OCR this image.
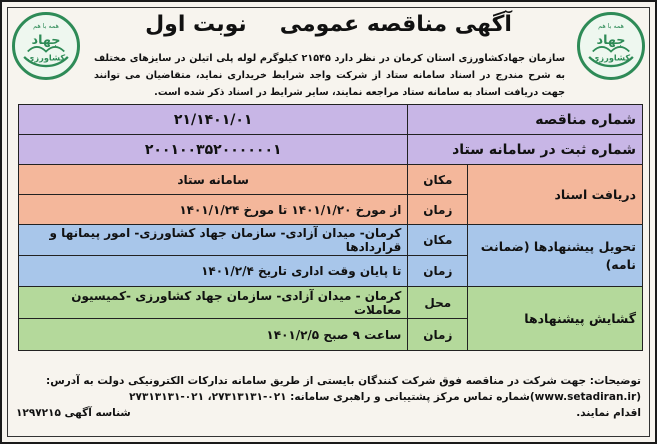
همه با هم
جهاد
کشاورزی
همه با هم
جهاد
کشاورزی
آگهی مناقصه عمومی نوبت اول
سازمان جهادکشاورزی استان کرمان در نظر دارد ۲۱۵۴۵ کیلوگرم لوله پلی اتیلن در سایزهای مختلف به شرح مندرج در اسناد سامانه ستاد از شرکت واجد شرایط خریداری نماید، متقاضیان می توانند جهت دریافت اسناد به سامانه ستاد مراجعه نمایند، سایر شرایط در اسناد ذکر شده است.
شماره مناقصه		۲۱/۱۴۰۱/۰۱
شماره ثبت در سامانه ستاد		۲۰۰۱۰۰۳۵۲۰۰۰۰۰۰۱
دریافت اسناد	مکان	سامانه ستاد
	زمان	از مورخ ۱۴۰۱/۱/۲۰ تا مورخ ۱۴۰۱/۱/۲۴
تحویل پیشنهادها (ضمانت نامه)	مکان	کرمان- میدان آزادی- سازمان جهاد کشاورزی- امور پیمانها و قراردادها
	زمان	تا پایان وقت اداری تاریخ ۱۴۰۱/۲/۴
گشایش پیشنهادها	محل	کرمان - میدان آزادی- سازمان جهاد کشاورزی -کمیسیون معاملات
	زمان	ساعت ۹ صبح ۱۴۰۱/۲/۵
توضیحات: جهت شرکت در مناقصه فوق شرکت کنندگان بایستی از طریق سامانه تدارکات الکترونیکی دولت به آدرس:
(www.setadiran.ir)شماره تماس مرکز پشتیبانی و راهبری سامانه: ۰۲۱-۲۷۳۱۳۱۳۱، ۰۲۱-۲۷۳۱۳۱۳۱ اقدام نمایند.
شناسه آگهی ۱۲۹۷۲۱۵
